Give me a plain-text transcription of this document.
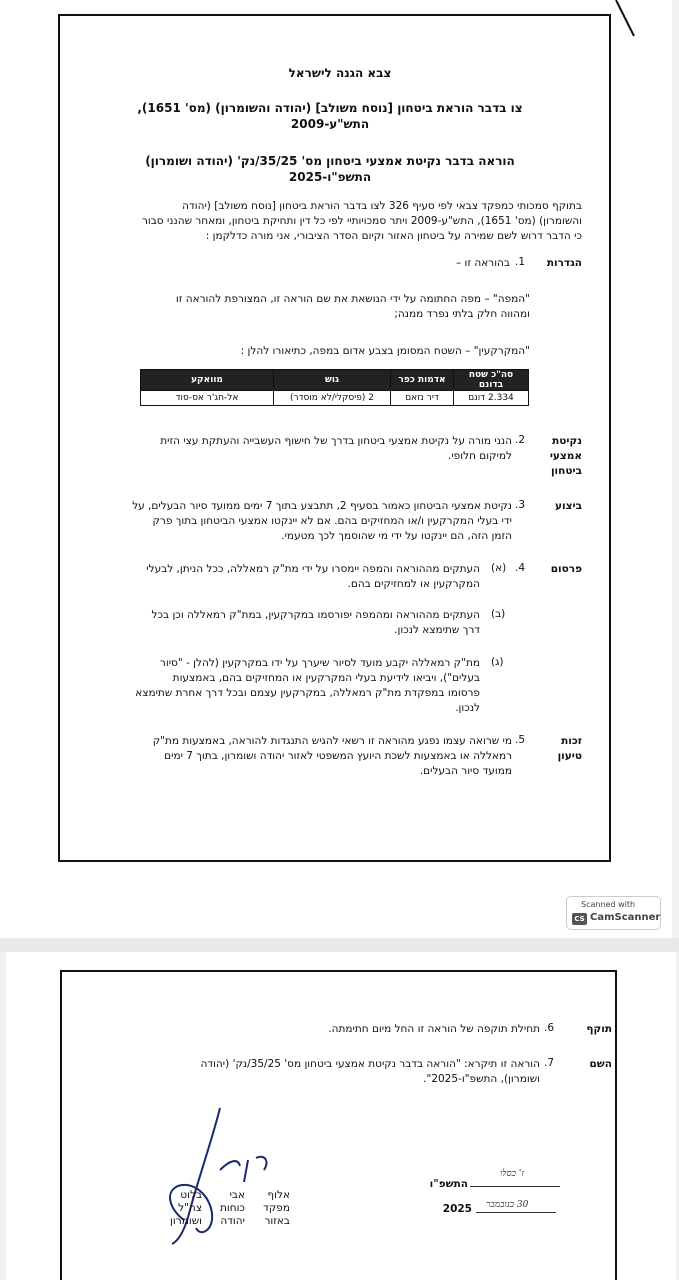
צבא הגנה לישראל
צו בדבר הוראת ביטחון [נוסח משולב] (יהודה והשומרון) (מס' 1651),
התש"ע-2009
הוראה בדבר נקיטת אמצעי ביטחון מס' 35/25/נק' (יהודה ושומרון)
התשפ"ו-2025
בתוקף סמכותי כמפקד צבאי לפי סעיף 326 לצו בדבר הוראת ביטחון [נוסח משולב] (יהודה
והשומרון) (מס' 1651), התש"ע-2009 ויתר סמכויותיי לפי כל דין ותחיקת ביטחון, ומאחר שהנני סבור
כי הדבר דרוש לשם שמירה על ביטחון האזור וקיום הסדר הציבורי, אני מורה כדלקמן :
הגדרות
1.
בהוראה זו –
"המפה" – מפה החתומה על ידי הנושאת את שם הוראה זו, המצורפת להוראה זו
ומהווה חלק בלתי נפרד ממנה;
"המקרקעין" – השטח המסומן בצבע אדום במפה, כתיאורו להלן :
סה"כ שטח בדונם	אדמות כפר	גוש	מוואקע
2.334 דונם	דיר נזאם	2 (פיסקלי/לא מוסדר)	אל-חג'ר אס-סוד
נקיטת
אמצעי
ביטחון
2.
הנני מורה על נקיטת אמצעי ביטחון בדרך של חישוף העשבייה והעתקת עצי הזית
למיקום חלופי.
ביצוע
3.
נקיטת אמצעי הביטחון כאמור בסעיף 2, תתבצע בתוך 7 ימים ממועד סיור הבעלים, על
ידי בעלי המקרקעין ו/או המחזיקים בהם. אם לא יינקטו אמצעי הביטחון בתוך פרק
הזמן הזה, הם יינקטו על ידי מי שהוסמך לכך מטעמי.
פרסום
4.
(א)
העתקים מההוראה והמפה יימסרו על ידי מת"ק רמאללה, ככל הניתן, לבעלי
המקרקעין או למחזיקים בהם.
(ב)
העתקים מההוראה ומהמפה יפורסמו במקרקעין, במת"ק רמאללה וכן בכל
דרך שתימצא לנכון.
(ג)
מת"ק רמאללה יקבע מועד לסיור שיערך על ידו במקרקעין (להלן - "סיור
בעלים"), ויביאו לידיעת בעלי המקרקעין או המחזיקים בהם, באמצעות
פרסומו במפקדת מת"ק רמאללה, במקרקעין עצמם ובכל דרך אחרת שתימצא
לנכון.
זכות
טיעון
5.
מי שרואה עצמו נפגע מהוראה זו רשאי להגיש התנגדות להוראה, באמצעות מת"ק
רמאללה או באמצעות לשכת היועץ המשפטי לאזור יהודה ושומרון, בתוך 7 ימים
ממועד סיור הבעלים.
Scanned with
CS CamScanner
תוקף
6.
תחילת תוקפה של הוראה זו החל מיום חתימתה.
השם
7.
הוראה זו תיקרא: "הוראה בדבר נקיטת אמצעי ביטחון מס' 35/25/נק' (יהודה
ושומרון), התשפ"ו-2025".
התשפ"ו
ז' כסלו
2025 30 בנובמבר
אלוף
מפקד
באזור
אבי
כוחות
יהודה
בלוט
צה"ל
ושומרון
